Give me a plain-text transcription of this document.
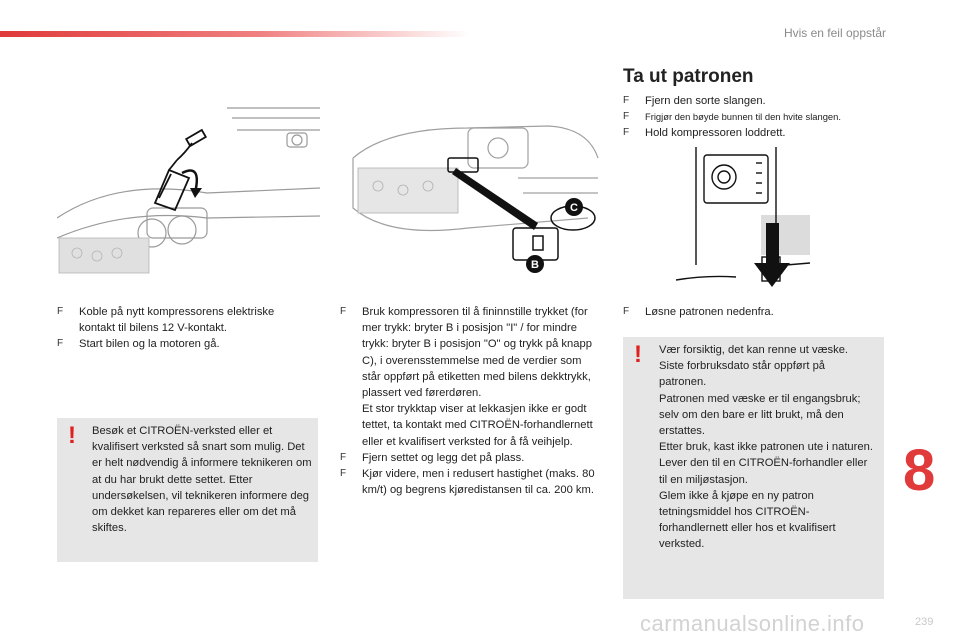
Hvis en feil oppstår
C
B
F Koble på nytt kompressorens elektriske kontakt til bilens 12 V-kontakt.
F Start bilen og la motoren gå.
! Besøk et CITROËN-verksted eller et kvalifisert verksted så snart som mulig. Det er helt nødvendig å informere teknikeren om at du har brukt dette settet. Etter undersøkelsen, vil teknikeren informere deg om dekket kan repareres eller om det må skiftes.
F Bruk kompressoren til å fininnstille trykket (for mer trykk: bryter B i posisjon "I" / for mindre trykk: bryter B i posisjon "O" og trykk på knapp C), i overensstemmelse med de verdier som står oppført på etiketten med bilens dekktrykk, plassert ved førerdøren.
Et stor trykktap viser at lekkasjen ikke er godt tettet, ta kontakt med CITROËN-forhandlernett eller et kvalifisert verksted for å få veihjelp.
F Fjern settet og legg det på plass.
F Kjør videre, men i redusert hastighet (maks. 80 km/t) og begrens kjøredistansen til ca. 200 km.
Ta ut patronen
F Fjern den sorte slangen.
F Frigjør den bøyde bunnen til den hvite slangen.
F Hold kompressoren loddrett.
F Løsne patronen nedenfra.
! Vær forsiktig, det kan renne ut væske. Siste forbruksdato står oppført på patronen.
Patronen med væske er til engangsbruk; selv om den bare er litt brukt, må den erstattes.
Etter bruk, kast ikke patronen ute i naturen. Lever den til en CITROËN-forhandler eller til en miljøstasjon.
Glem ikke å kjøpe en ny patron tetningsmiddel hos CITROËN-forhandlernett eller hos et kvalifisert verksted.
8
carmanualsonline.info	239
